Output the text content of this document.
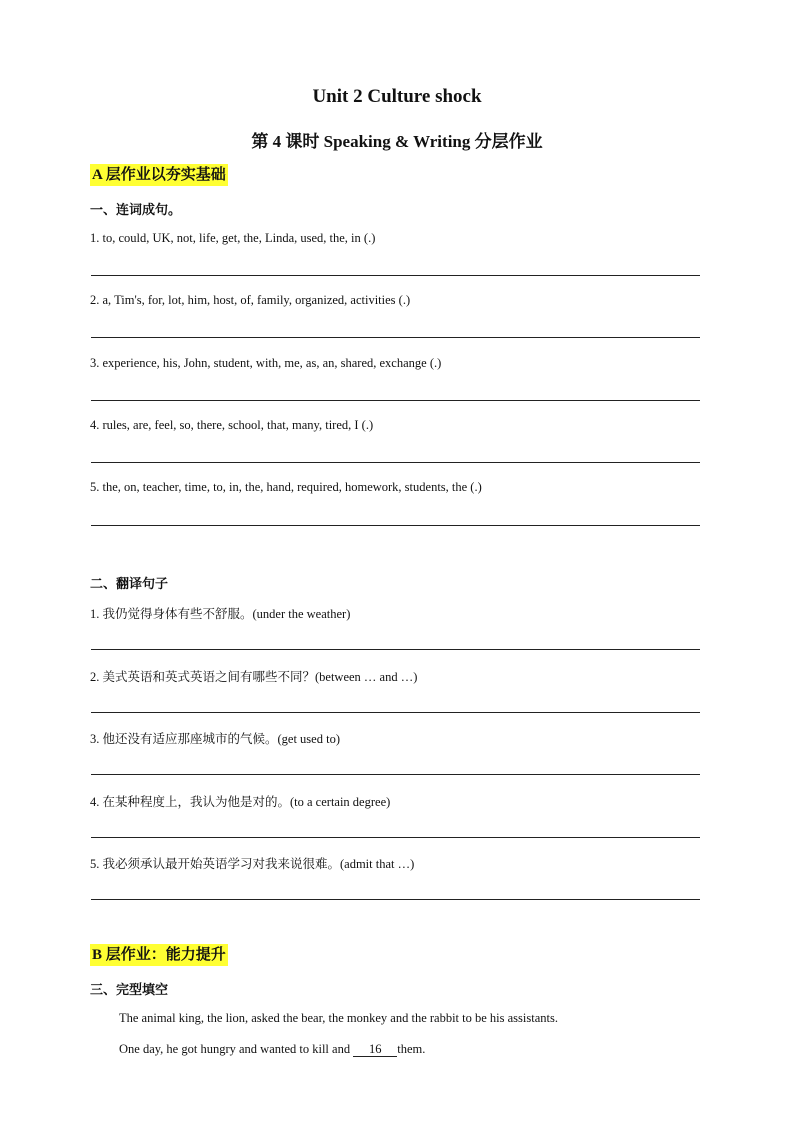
Unit 2 Culture shock
第 4 课时 Speaking & Writing 分层作业
A 层作业以夯实基础
一、连词成句。
1. to, could, UK, not, life, get, the, Linda, used, the, in (.)
2. a, Tim's, for, lot, him, host, of, family, organized, activities (.)
3. experience, his, John, student, with, me, as, an, shared, exchange (.)
4. rules, are, feel, so, there, school, that, many, tired, I (.)
5. the, on, teacher, time, to, in, the, hand, required, homework, students, the (.)
二、翻译句子
1. 我仍觉得身体有些不舒服。(under the weather)
2. 美式英语和英式英语之间有哪些不同？(between … and …)
3. 他还没有适应那座城市的气候。(get used to)
4. 在某种程度上，我认为他是对的。(to a certain degree)
5. 我必须承认最开始英语学习对我来说很难。(admit that …)
B 层作业：能力提升
三、完型填空
The animal king, the lion, asked the bear, the monkey and the rabbit to be his assistants.
One day, he got hungry and wanted to kill and 16 them.
